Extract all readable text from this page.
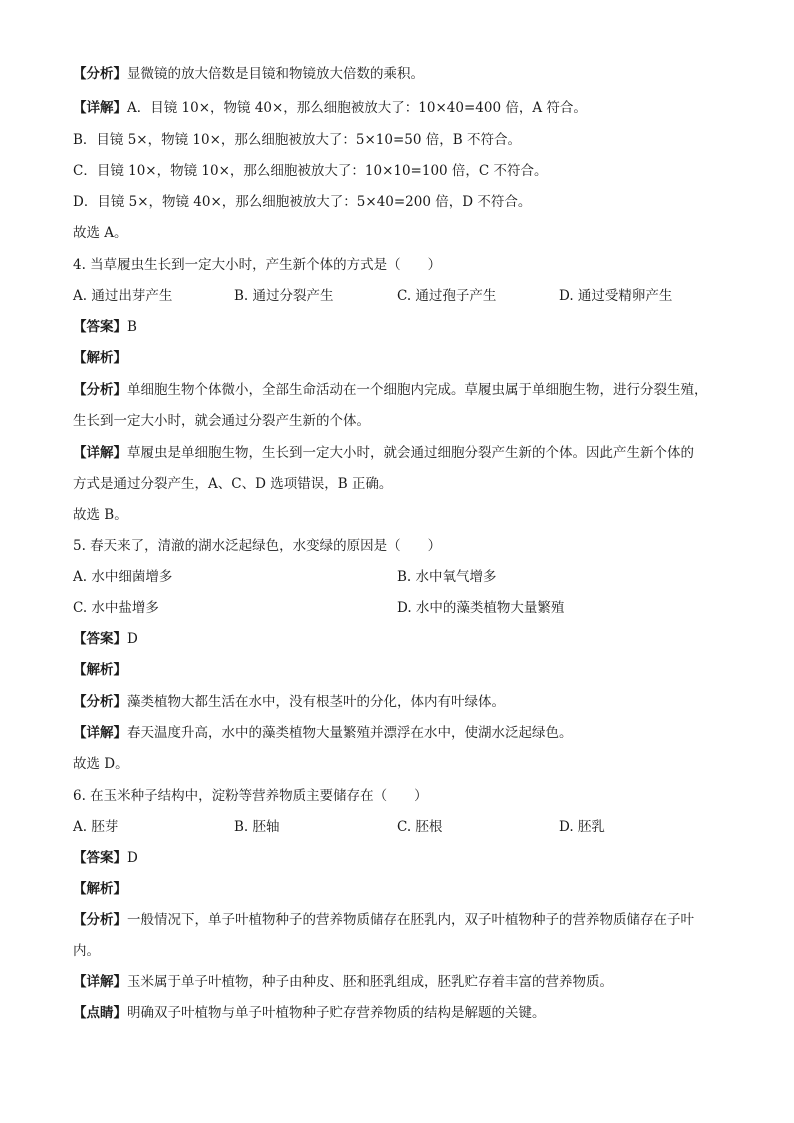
【分析】显微镜的放大倍数是目镜和物镜放大倍数的乘积。
【详解】A．目镜 10×，物镜 40×，那么细胞被放大了：10×40=400 倍，A 符合。
B．目镜 5×，物镜 10×，那么细胞被放大了：5×10=50 倍，B 不符合。
C．目镜 10×，物镜 10×，那么细胞被放大了：10×10=100 倍，C 不符合。
D．目镜 5×，物镜 40×，那么细胞被放大了：5×40=200 倍，D 不符合。
故选 A。
4. 当草履虫生长到一定大小时，产生新个体的方式是（　　）
A. 通过出芽产生	B. 通过分裂产生	C. 通过孢子产生	D. 通过受精卵产生
【答案】B
【解析】
【分析】单细胞生物个体微小，全部生命活动在一个细胞内完成。草履虫属于单细胞生物，进行分裂生殖，
生长到一定大小时，就会通过分裂产生新的个体。
【详解】草履虫是单细胞生物，生长到一定大小时，就会通过细胞分裂产生新的个体。因此产生新个体的
方式是通过分裂产生，A、C、D 选项错误，B 正确。
故选 B。
5. 春天来了，清澈的湖水泛起绿色，水变绿的原因是（　　）
A. 水中细菌增多	B. 水中氧气增多
C. 水中盐增多	D. 水中的藻类植物大量繁殖
【答案】D
【解析】
【分析】藻类植物大都生活在水中，没有根茎叶的分化，体内有叶绿体。
【详解】春天温度升高，水中的藻类植物大量繁殖并漂浮在水中，使湖水泛起绿色。
故选 D。
6. 在玉米种子结构中，淀粉等营养物质主要储存在（　　）
A. 胚芽	B. 胚轴	C. 胚根	D. 胚乳
【答案】D
【解析】
【分析】一般情况下，单子叶植物种子的营养物质储存在胚乳内，双子叶植物种子的营养物质储存在子叶
内。
【详解】玉米属于单子叶植物，种子由种皮、胚和胚乳组成，胚乳贮存着丰富的营养物质。
【点睛】明确双子叶植物与单子叶植物种子贮存营养物质的结构是解题的关键。
